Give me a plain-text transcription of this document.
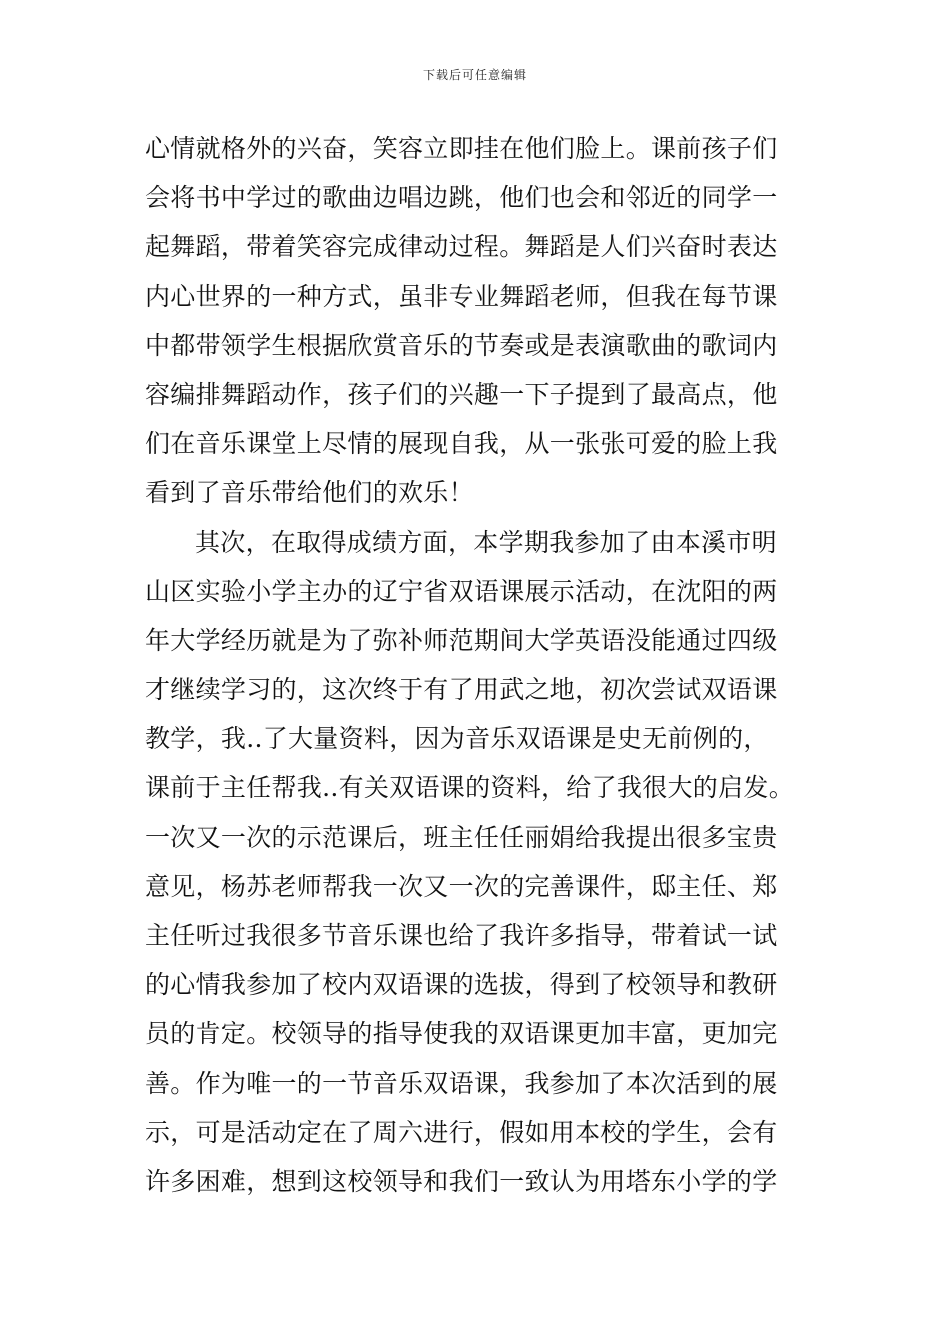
下载后可任意编辑
心情就格外的兴奋，笑容立即挂在他们脸上。课前孩子们
会将书中学过的歌曲边唱边跳，他们也会和邻近的同学一
起舞蹈，带着笑容完成律动过程。舞蹈是人们兴奋时表达
内心世界的一种方式，虽非专业舞蹈老师，但我在每节课
中都带领学生根据欣赏音乐的节奏或是表演歌曲的歌词内
容编排舞蹈动作，孩子们的兴趣一下子提到了最高点，他
们在音乐课堂上尽情的展现自我，从一张张可爱的脸上我
看到了音乐带给他们的欢乐！
其次，在取得成绩方面，本学期我参加了由本溪市明
山区实验小学主办的辽宁省双语课展示活动，在沈阳的两
年大学经历就是为了弥补师范期间大学英语没能通过四级
才继续学习的，这次终于有了用武之地，初次尝试双语课
教学，我..了大量资料，因为音乐双语课是史无前例的，
课前于主任帮我..有关双语课的资料，给了我很大的启发。
一次又一次的示范课后，班主任任丽娟给我提出很多宝贵
意见，杨苏老师帮我一次又一次的完善课件，邸主任、郑
主任听过我很多节音乐课也给了我许多指导，带着试一试
的心情我参加了校内双语课的选拔，得到了校领导和教研
员的肯定。校领导的指导使我的双语课更加丰富，更加完
善。作为唯一的一节音乐双语课，我参加了本次活到的展
示，可是活动定在了周六进行，假如用本校的学生，会有
许多困难，想到这校领导和我们一致认为用塔东小学的学
